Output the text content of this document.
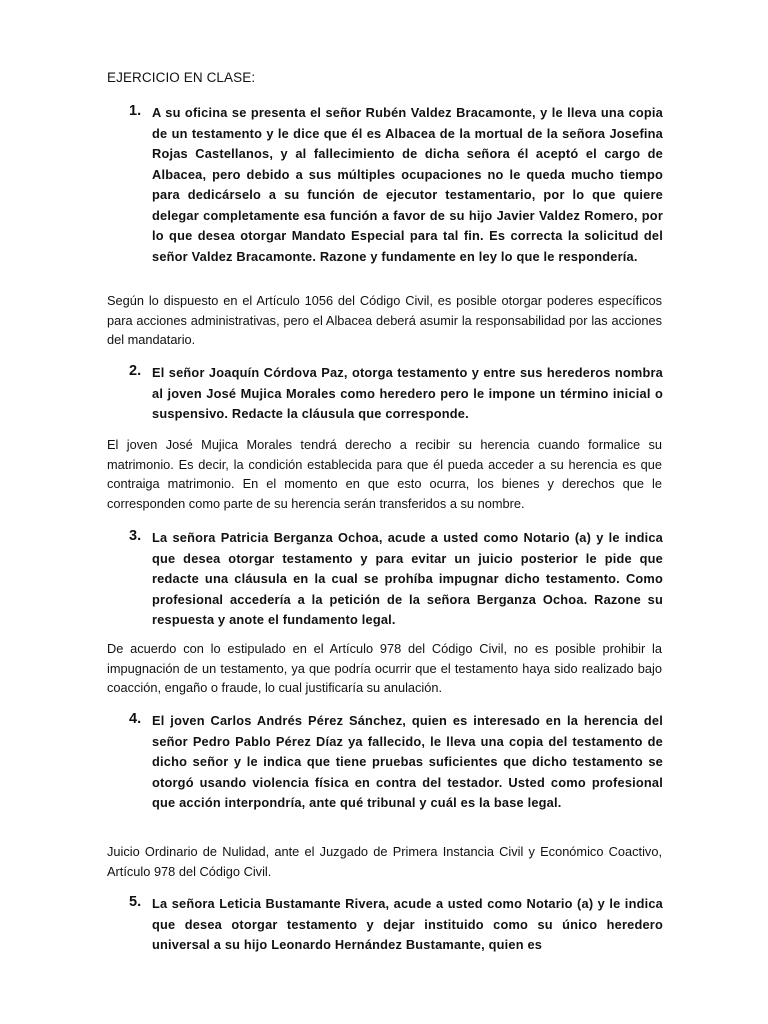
EJERCICIO EN CLASE:
1. A su oficina se presenta el señor Rubén Valdez Bracamonte, y le lleva una copia de un testamento y le dice que él es Albacea de la mortual de la señora Josefina Rojas Castellanos, y al fallecimiento de dicha señora él aceptó el cargo de Albacea, pero debido a sus múltiples ocupaciones no le queda mucho tiempo para dedicárselo a su función de ejecutor testamentario, por lo que quiere delegar completamente esa función a favor de su hijo Javier Valdez Romero, por lo que desea otorgar Mandato Especial para tal fin. Es correcta la solicitud del señor Valdez Bracamonte. Razone y fundamente en ley lo que le respondería.
Según lo dispuesto en el Artículo 1056 del Código Civil, es posible otorgar poderes específicos para acciones administrativas, pero el Albacea deberá asumir la responsabilidad por las acciones del mandatario.
2. El señor Joaquín Córdova Paz, otorga testamento y entre sus herederos nombra al joven José Mujica Morales como heredero pero le impone un término inicial o suspensivo. Redacte la cláusula que corresponde.
El joven José Mujica Morales tendrá derecho a recibir su herencia cuando formalice su matrimonio. Es decir, la condición establecida para que él pueda acceder a su herencia es que contraiga matrimonio. En el momento en que esto ocurra, los bienes y derechos que le corresponden como parte de su herencia serán transferidos a su nombre.
3. La señora Patricia Berganza Ochoa, acude a usted como Notario (a) y le indica que desea otorgar testamento y para evitar un juicio posterior le pide que redacte una cláusula en la cual se prohíba impugnar dicho testamento. Como profesional accedería a la petición de la señora Berganza Ochoa. Razone su respuesta y anote el fundamento legal.
De acuerdo con lo estipulado en el Artículo 978 del Código Civil, no es posible prohibir la impugnación de un testamento, ya que podría ocurrir que el testamento haya sido realizado bajo coacción, engaño o fraude, lo cual justificaría su anulación.
4. El joven Carlos Andrés Pérez Sánchez, quien es interesado en la herencia del señor Pedro Pablo Pérez Díaz ya fallecido, le lleva una copia del testamento de dicho señor y le indica que tiene pruebas suficientes que dicho testamento se otorgó usando violencia física en contra del testador. Usted como profesional que acción interpondría, ante qué tribunal y cuál es la base legal.
Juicio Ordinario de Nulidad, ante el Juzgado de Primera Instancia Civil y Económico Coactivo, Artículo 978 del Código Civil.
5. La señora Leticia Bustamante Rivera, acude a usted como Notario (a) y le indica que desea otorgar testamento y dejar instituido como su único heredero universal a su hijo Leonardo Hernández Bustamante, quien es
